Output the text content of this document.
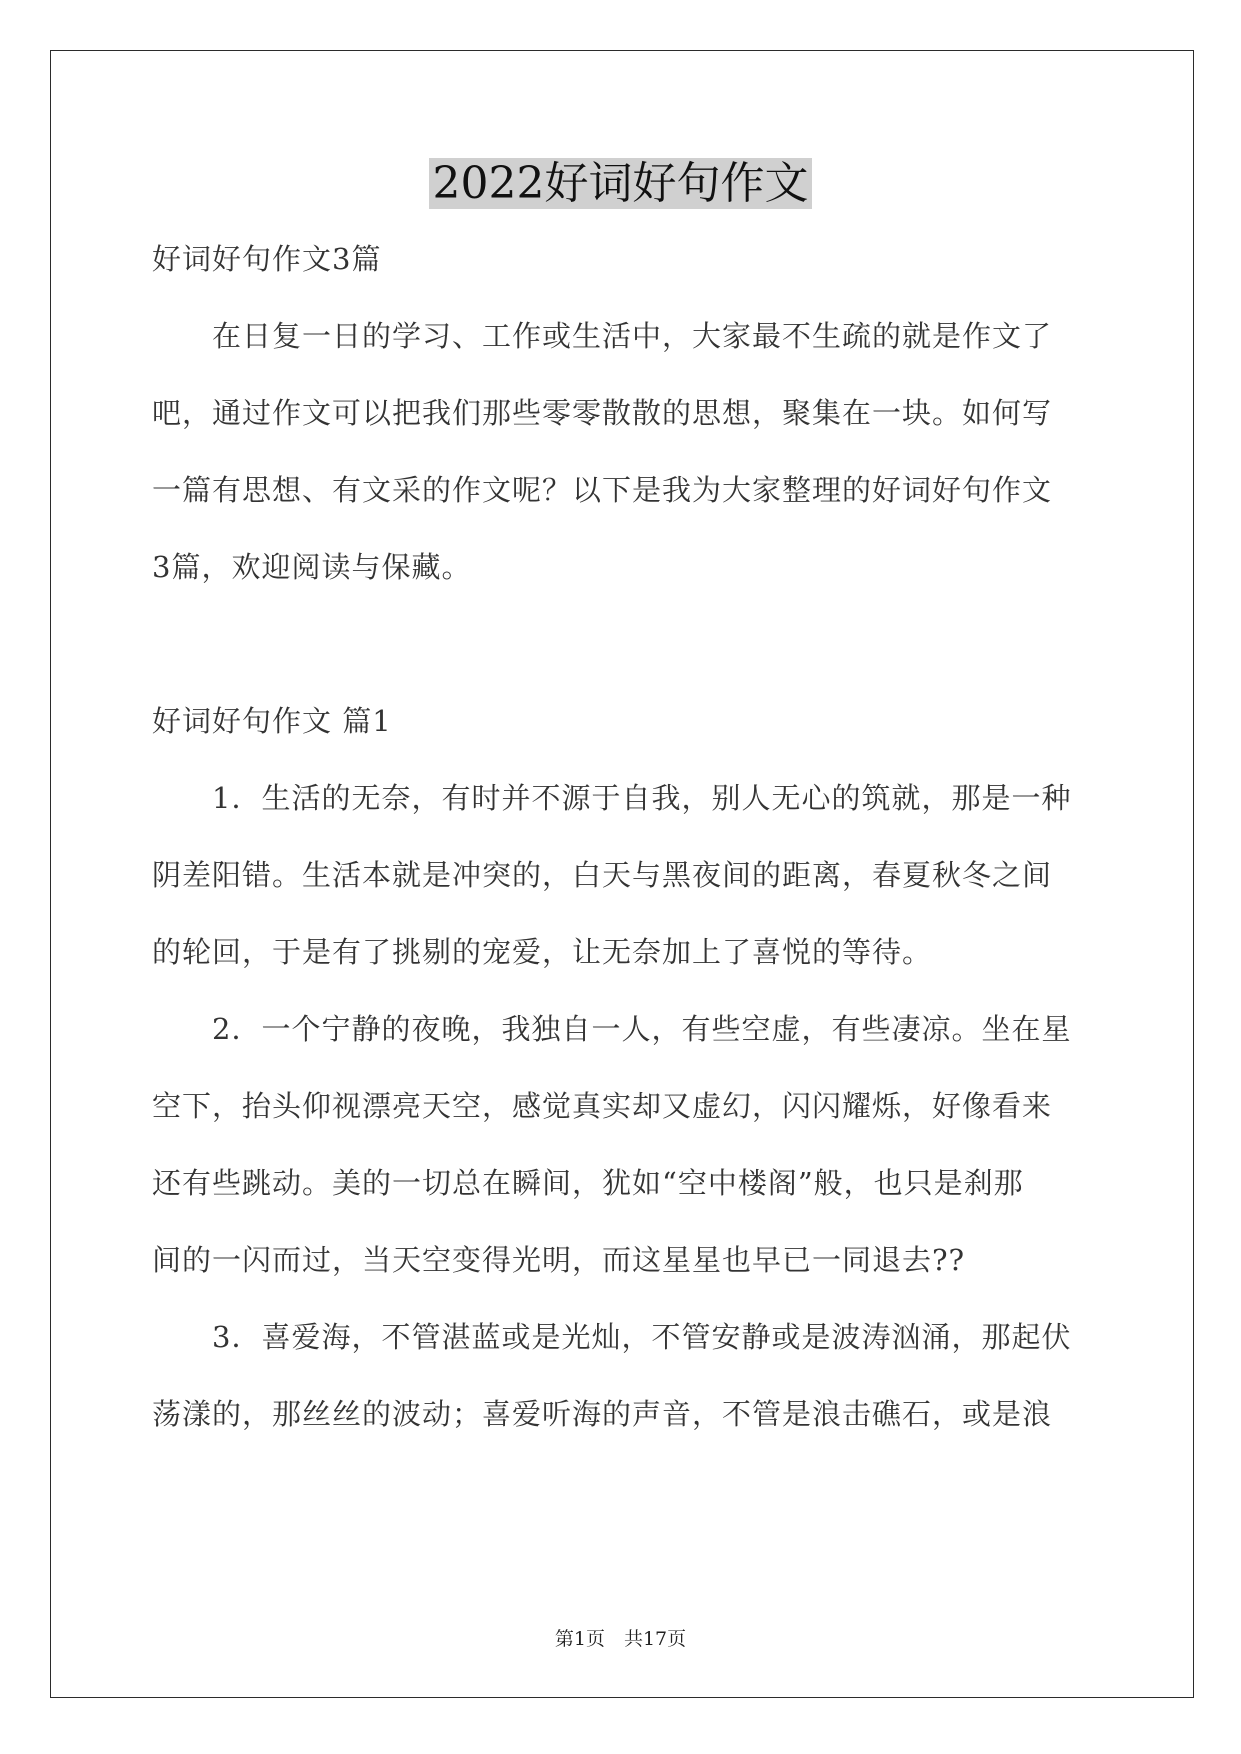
2022好词好句作文
好词好句作文3篇
在日复一日的学习、工作或生活中，大家最不生疏的就是作文了
吧，通过作文可以把我们那些零零散散的思想，聚集在一块。如何写
一篇有思想、有文采的作文呢？以下是我为大家整理的好词好句作文
3篇，欢迎阅读与保藏。
好词好句作文 篇1
1．生活的无奈，有时并不源于自我，别人无心的筑就，那是一种
阴差阳错。生活本就是冲突的，白天与黑夜间的距离，春夏秋冬之间
的轮回，于是有了挑剔的宠爱，让无奈加上了喜悦的等待。
2．一个宁静的夜晚，我独自一人，有些空虚，有些凄凉。坐在星
空下，抬头仰视漂亮天空，感觉真实却又虚幻，闪闪耀烁，好像看来
还有些跳动。美的一切总在瞬间，犹如“空中楼阁”般，也只是刹那
间的一闪而过，当天空变得光明，而这星星也早已一同退去??
3．喜爱海，不管湛蓝或是光灿，不管安静或是波涛汹涌，那起伏
荡漾的，那丝丝的波动；喜爱听海的声音，不管是浪击礁石，或是浪
第1页　共17页
